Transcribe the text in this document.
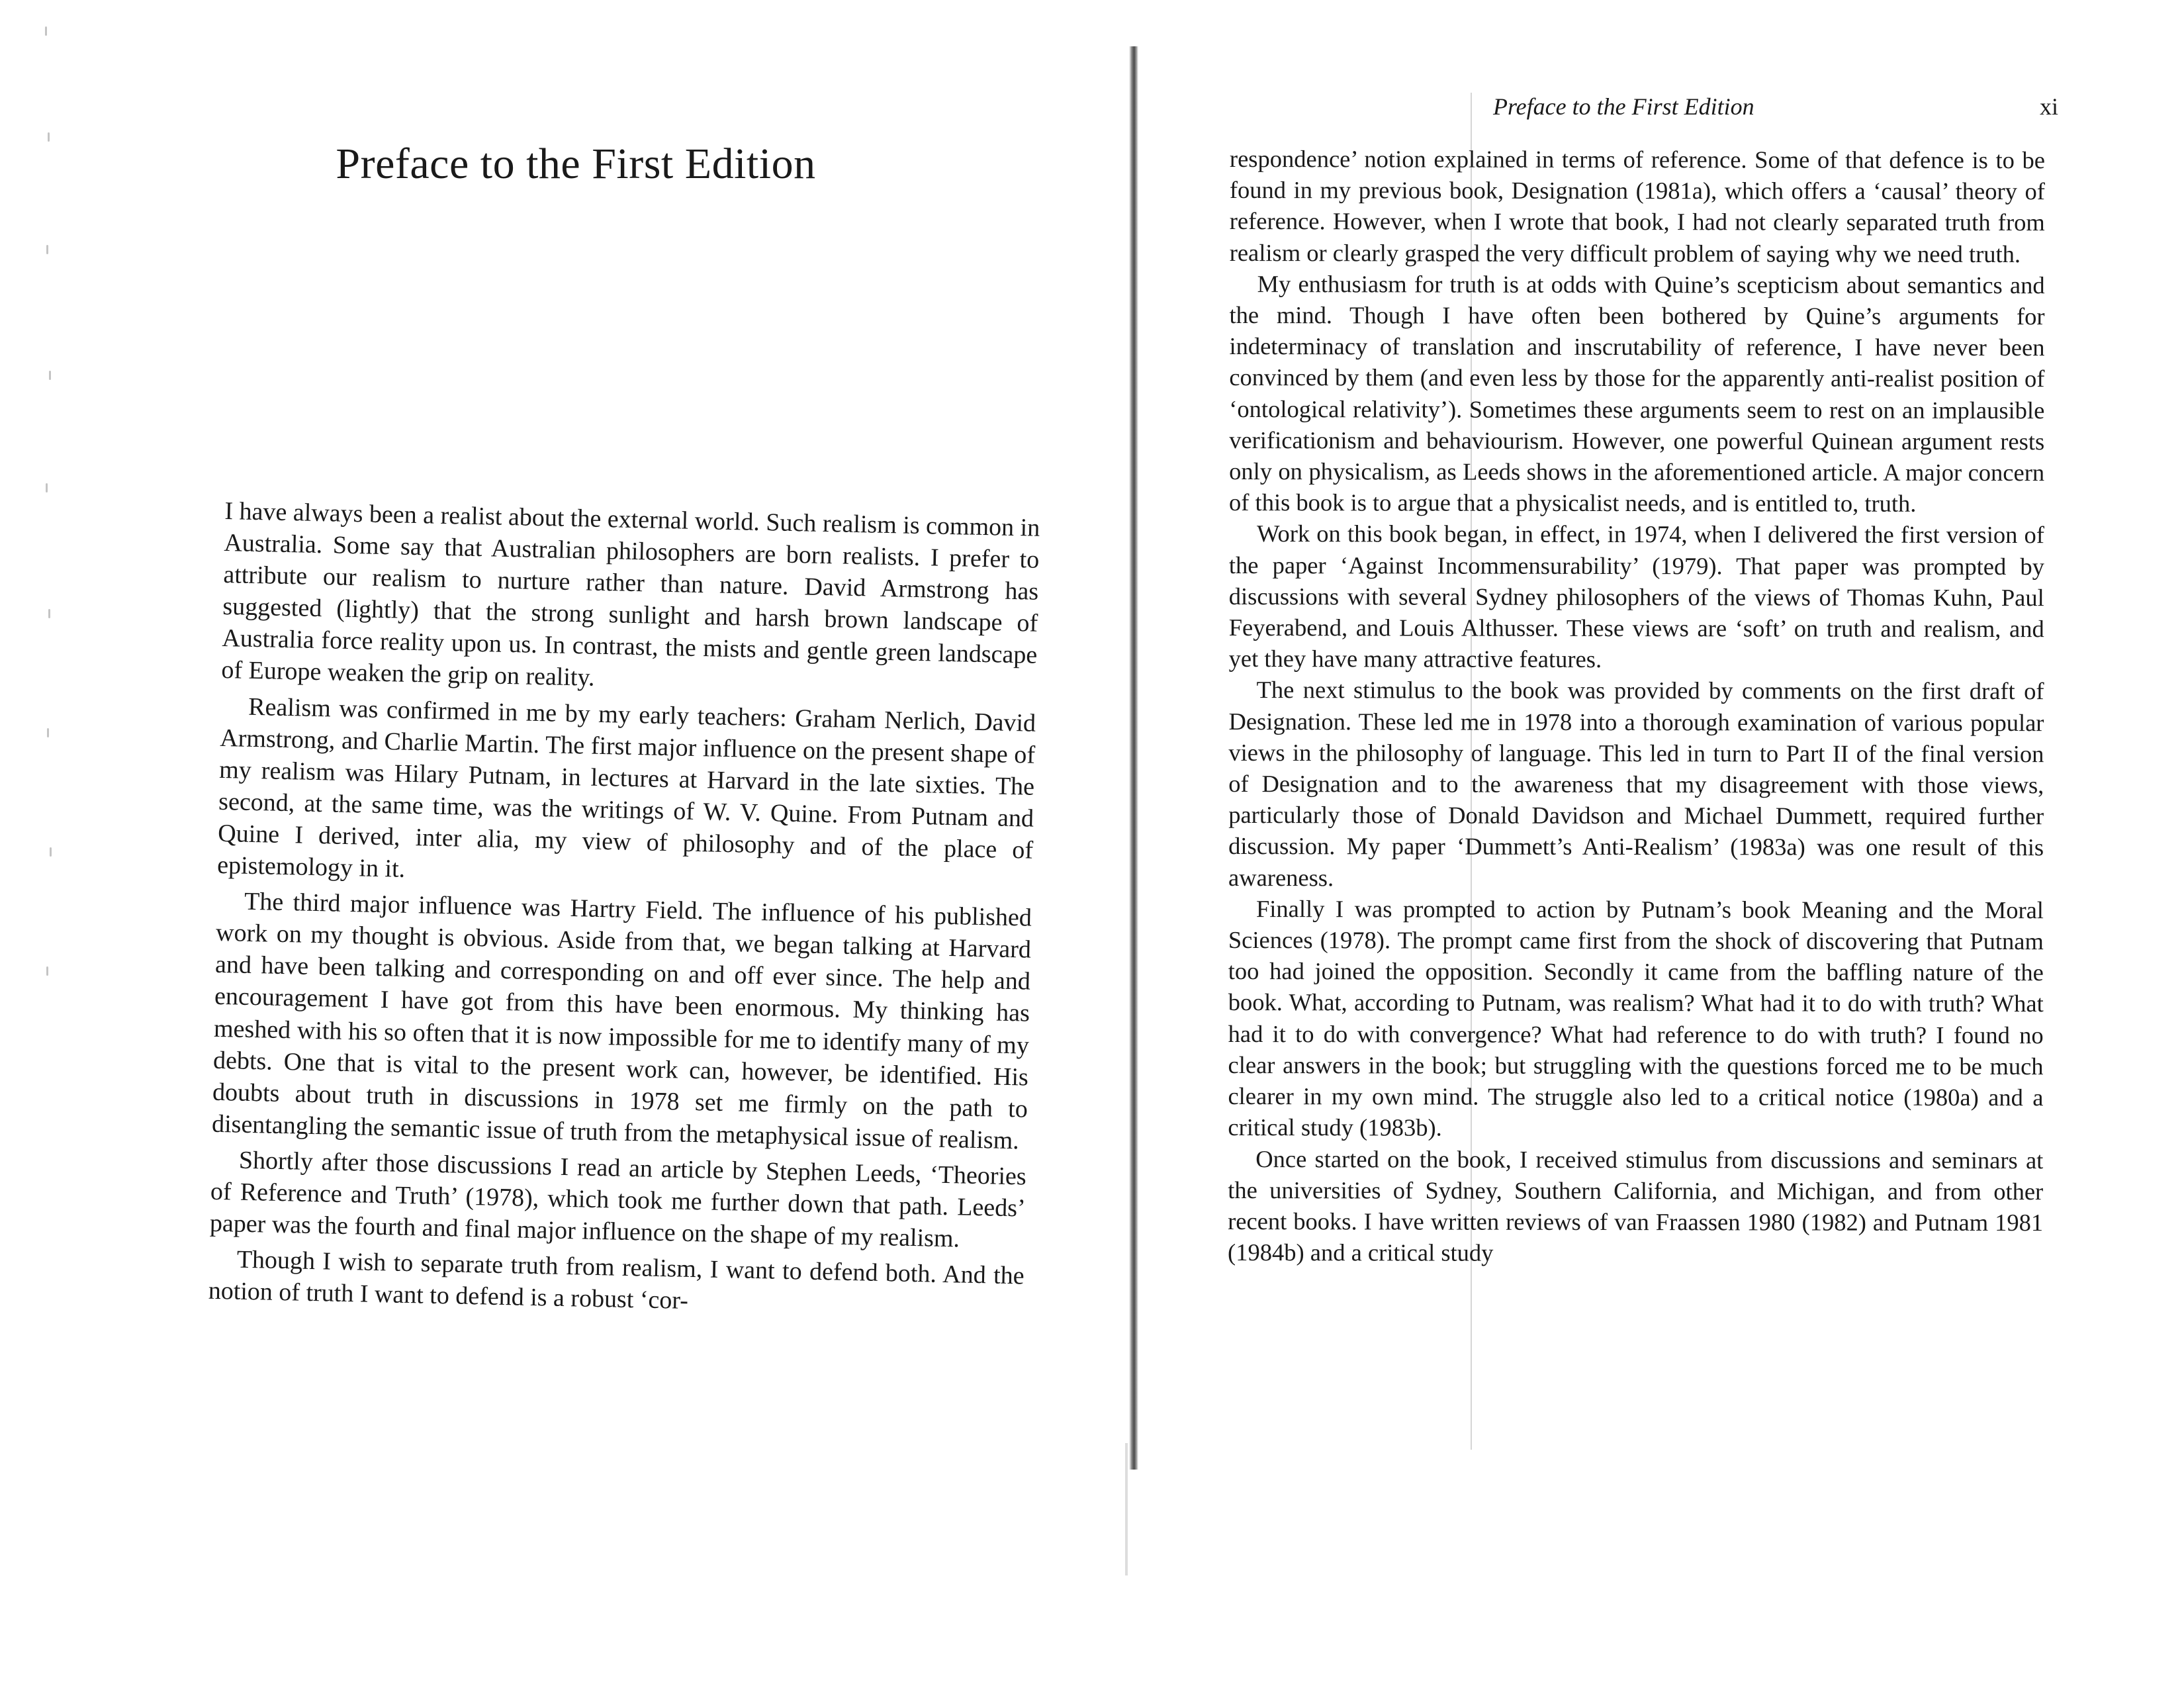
Preface to the First Edition

I have always been a realist about the external world. Such realism is common in Australia. Some say that Australian philosophers are born realists. I prefer to attribute our realism to nurture rather than nature. David Armstrong has suggested (lightly) that the strong sunlight and harsh brown landscape of Australia force reality upon us. In contrast, the mists and gentle green landscape of Europe weaken the grip on reality.

Realism was confirmed in me by my early teachers: Graham Nerlich, David Armstrong, and Charlie Martin. The first major influence on the present shape of my realism was Hilary Putnam, in lectures at Harvard in the late sixties. The second, at the same time, was the writings of W. V. Quine. From Putnam and Quine I derived, inter alia, my view of philosophy and of the place of epistemology in it.

The third major influence was Hartry Field. The influence of his published work on my thought is obvious. Aside from that, we began talking at Harvard and have been talking and corresponding on and off ever since. The help and encouragement I have got from this have been enormous. My thinking has meshed with his so often that it is now impossible for me to identify many of my debts. One that is vital to the present work can, however, be identified. His doubts about truth in discussions in 1978 set me firmly on the path to disentangling the semantic issue of truth from the metaphysical issue of realism.

Shortly after those discussions I read an article by Stephen Leeds, ‘Theories of Reference and Truth’ (1978), which took me further down that path. Leeds’ paper was the fourth and final major influence on the shape of my realism.

Though I wish to separate truth from realism, I want to defend both. And the notion of truth I want to defend is a robust ‘cor-

Preface to the First Edition	xi

respondence’ notion explained in terms of reference. Some of that defence is to be found in my previous book, Designation (1981a), which offers a ‘causal’ theory of reference. However, when I wrote that book, I had not clearly separated truth from realism or clearly grasped the very difficult problem of saying why we need truth.

My enthusiasm for truth is at odds with Quine’s scepticism about semantics and the mind. Though I have often been bothered by Quine’s arguments for indeterminacy of translation and inscrutability of reference, I have never been convinced by them (and even less by those for the apparently anti-realist position of ‘ontological relativity’). Sometimes these arguments seem to rest on an implausible verificationism and behaviourism. However, one powerful Quinean argument rests only on physicalism, as Leeds shows in the aforementioned article. A major concern of this book is to argue that a physicalist needs, and is entitled to, truth.

Work on this book began, in effect, in 1974, when I delivered the first version of the paper ‘Against Incommensurability’ (1979). That paper was prompted by discussions with several Sydney philosophers of the views of Thomas Kuhn, Paul Feyerabend, and Louis Althusser. These views are ‘soft’ on truth and realism, and yet they have many attractive features.

The next stimulus to the book was provided by comments on the first draft of Designation. These led me in 1978 into a thorough examination of various popular views in the philosophy of language. This led in turn to Part II of the final version of Designation and to the awareness that my disagreement with those views, particularly those of Donald Davidson and Michael Dummett, required further discussion. My paper ‘Dummett’s Anti-Realism’ (1983a) was one result of this awareness.

Finally I was prompted to action by Putnam’s book Meaning and the Moral Sciences (1978). The prompt came first from the shock of discovering that Putnam too had joined the opposition. Secondly it came from the baffling nature of the book. What, according to Putnam, was realism? What had it to do with truth? What had it to do with convergence? What had reference to do with truth? I found no clear answers in the book; but struggling with the questions forced me to be much clearer in my own mind. The struggle also led to a critical notice (1980a) and a critical study (1983b).

Once started on the book, I received stimulus from discussions and seminars at the universities of Sydney, Southern California, and Michigan, and from other recent books. I have written reviews of van Fraassen 1980 (1982) and Putnam 1981 (1984b) and a critical study
